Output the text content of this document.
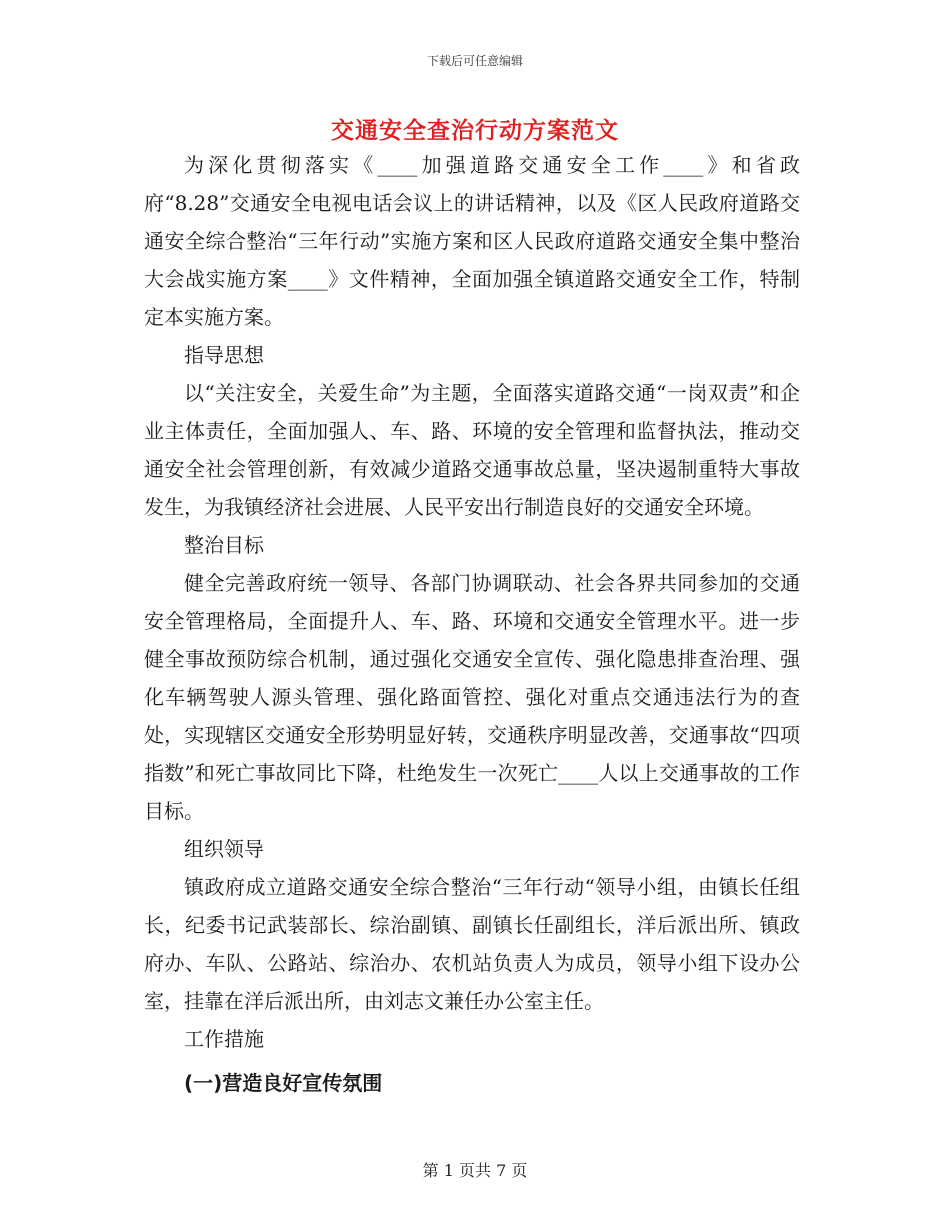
下载后可任意编辑
交通安全查治行动方案范文

为深化贯彻落实《____加强道路交通安全工作____》和省政府“8.28”交通安全电视电话会议上的讲话精神，以及《区人民政府道路交通安全综合整治“三年行动”实施方案和区人民政府道路交通安全集中整治大会战实施方案____》文件精神，全面加强全镇道路交通安全工作，特制定本实施方案。

指导思想

以“关注安全，关爱生命”为主题，全面落实道路交通“一岗双责”和企业主体责任，全面加强人、车、路、环境的安全管理和监督执法，推动交通安全社会管理创新，有效减少道路交通事故总量，坚决遏制重特大事故发生，为我镇经济社会进展、人民平安出行制造良好的交通安全环境。

整治目标

健全完善政府统一领导、各部门协调联动、社会各界共同参加的交通安全管理格局，全面提升人、车、路、环境和交通安全管理水平。进一步健全事故预防综合机制，通过强化交通安全宣传、强化隐患排查治理、强化车辆驾驶人源头管理、强化路面管控、强化对重点交通违法行为的查处，实现辖区交通安全形势明显好转，交通秩序明显改善，交通事故“四项指数”和死亡事故同比下降，杜绝发生一次死亡____人以上交通事故的工作目标。

组织领导

镇政府成立道路交通安全综合整治“三年行动“领导小组，由镇长任组长，纪委书记武装部长、综治副镇、副镇长任副组长，洋后派出所、镇政府办、车队、公路站、综治办、农机站负责人为成员，领导小组下设办公室，挂靠在洋后派出所，由刘志文兼任办公室主任。

工作措施

(一)营造良好宣传氛围

第 1 页共 7 页
